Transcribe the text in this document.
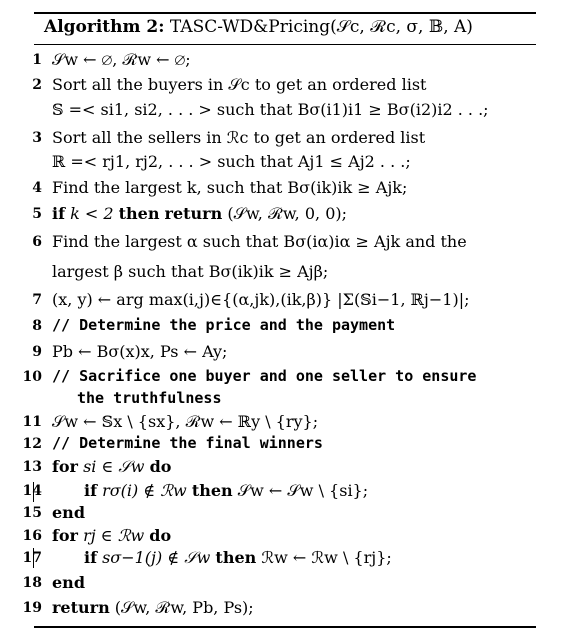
Algorithm 2: TASC-WD&Pricing(𝒮c, ℛc, σ, 𝔹, A)
1 𝒮w ← ∅, ℛw ← ∅;
2 Sort all the buyers in 𝒮c to get an ordered list
𝕊 =< si1, si2, . . . > such that Bσ(i1)i1 ≥ Bσ(i2)i2 . . .;
3 Sort all the sellers in ℛc to get an ordered list
ℝ =< rj1, rj2, . . . > such that Aj1 ≤ Aj2 . . .;
4 Find the largest k, such that Bσ(ik)ik ≥ Ajk;
5 if k < 2 then return (𝒮w, ℛw, 0, 0);
6 Find the largest α such that Bσ(iα)iα ≥ Ajk and the
largest β such that Bσ(ik)ik ≥ Ajβ;
7 (x, y) ← arg max(i,j)∈{(α,jk),(ik,β)} |Σ(𝕊i−1, ℝj−1)|;
8 // Determine the price and the payment
9 Pb ← Bσ(x)x, Ps ← Ay;
10 // Sacrifice one buyer and one seller to ensure
the truthfulness
11 𝒮w ← 𝕊x \ {sx}, ℛw ← ℝy \ {ry};
12 // Determine the final winners
13 for si ∈ 𝒮w do
14	if rσ(i) ∉ ℛw then 𝒮w ← 𝒮w \ {si};
15 end
16 for rj ∈ ℛw do
17	if sσ−1(j) ∉ 𝒮w then ℛw ← ℛw \ {rj};
18 end
19 return (𝒮w, ℛw, Pb, Ps);
